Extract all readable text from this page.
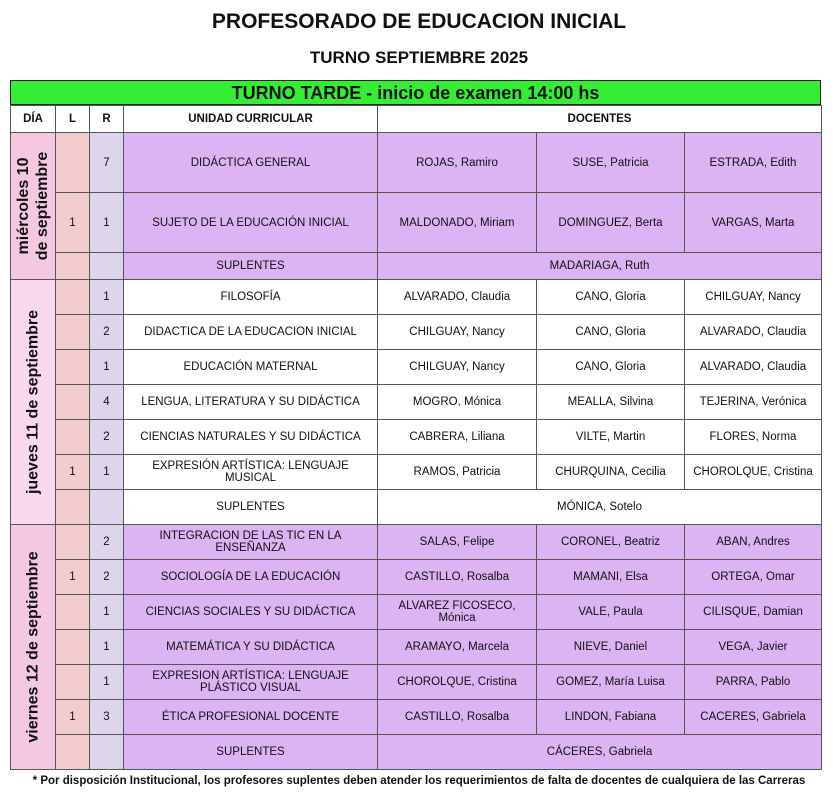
PROFESORADO DE EDUCACION INICIAL
TURNO SEPTIEMBRE 2025
TURNO TARDE - inicio de examen 14:00 hs
DÍA	L	R	UNIDAD CURRICULAR	DOCENTES		

miércoles 10 de septiembre		7	DIDÁCTICA GENERAL	ROJAS, Ramiro	SUSE, Patricia	ESTRADA, Edith
	1	1	SUJETO DE LA EDUCACIÓN INICIAL	MALDONADO, Miriam	DOMINGUEZ, Berta	VARGAS, Marta
			SUPLENTES	MADARIAGA, Ruth		

jueves 11 de septiembre		1	FILOSOFÍA	ALVARADO, Claudia	CANO, Gloria	CHILGUAY, Nancy
		2	DIDACTICA DE LA EDUCACION INICIAL	CHILGUAY, Nancy	CANO, Gloria	ALVARADO, Claudia
		1	EDUCACIÓN MATERNAL	CHILGUAY, Nancy	CANO, Gloria	ALVARADO, Claudia
		4	LENGUA, LITERATURA Y SU DIDÁCTICA	MOGRO, Mónica	MEALLA, Silvina	TEJERINA, Verónica
		2	CIENCIAS NATURALES Y SU DIDÁCTICA	CABRERA, Liliana	VILTE, Martin	FLORES, Norma
	1	1	EXPRESIÓN ARTÍSTICA: LENGUAJE MUSICAL	RAMOS, Patricia	CHURQUINA, Cecilia	CHOROLQUE, Cristina
			SUPLENTES	MÓNICA, Sotelo		

viernes 12 de septiembre		2	INTEGRACION DE LAS TIC EN LA ENSEÑANZA	SALAS, Felipe	CORONEL, Beatriz	ABAN, Andres
	1	2	SOCIOLOGÍA DE LA EDUCACIÓN	CASTILLO, Rosalba	MAMANI, Elsa	ORTEGA, Omar
		1	CIENCIAS SOCIALES Y SU DIDÁCTICA	ALVAREZ FICOSECO, Mónica	VALE, Paula	CILISQUE, Damian
		1	MATEMÁTICA Y SU DIDÁCTICA	ARAMAYO, Marcela	NIEVE, Daniel	VEGA, Javier
		1	EXPRESION ARTÍSTICA: LENGUAJE PLÁSTICO VISUAL	CHOROLQUE, Cristina	GOMEZ, María Luisa	PARRA, Pablo
	1	3	ÉTICA PROFESIONAL DOCENTE	CASTILLO, Rosalba	LINDON, Fabiana	CACERES, Gabriela
			SUPLENTES	CÁCERES, Gabriela		
* Por disposición Institucional, los profesores suplentes deben atender los requerimientos de falta de docentes de cualquiera de las Carreras
